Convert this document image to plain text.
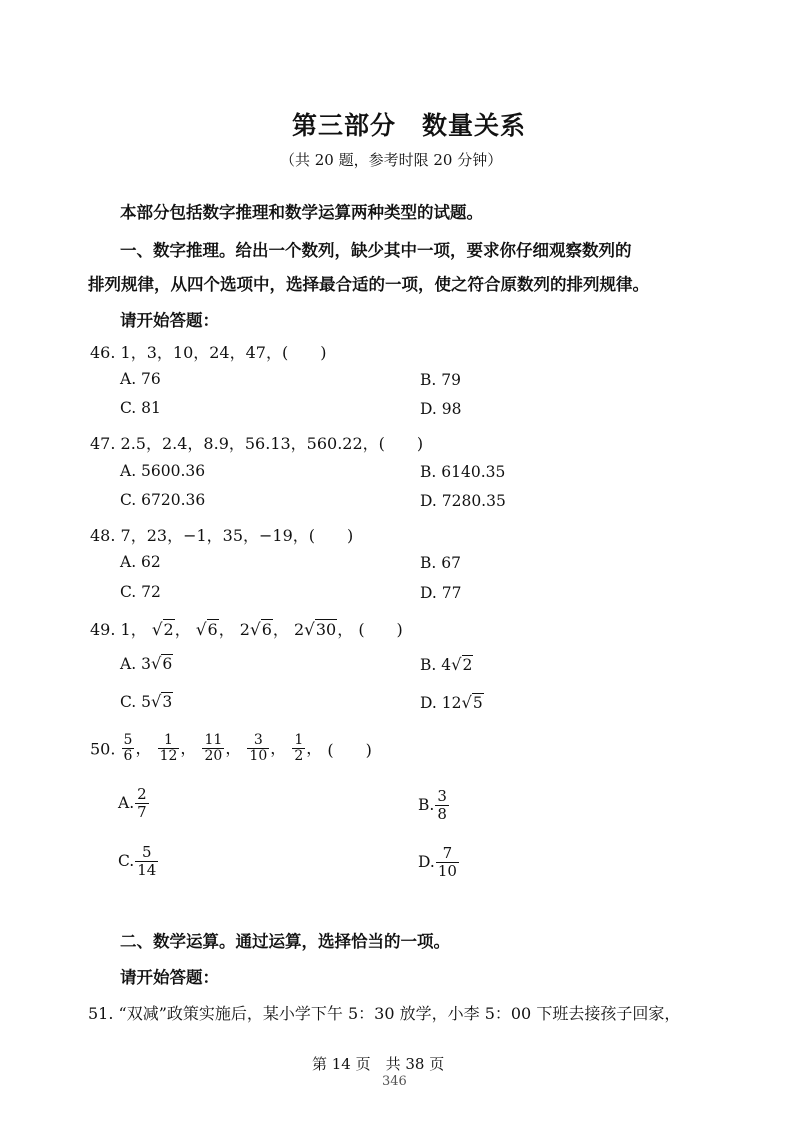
第三部分　数量关系
（共 20 题，参考时限 20 分钟）
本部分包括数字推理和数学运算两种类型的试题。
一、数字推理。给出一个数列，缺少其中一项，要求你仔细观察数列的
排列规律，从四个选项中，选择最合适的一项，使之符合原数列的排列规律。
请开始答题：
46. 1，3，10，24，47，(　　)
A. 76	B. 79
C. 81	D. 98
47. 2.5，2.4，8.9，56.13，560.22，(　　)
A. 5600.36	B. 6140.35
C. 6720.36	D. 7280.35
48. 7，23，−1，35，−19，(　　)
A. 62	B. 67
C. 72	D. 77
49. 1， √2， √6， 2√6， 2√30， (　　)
A. 3√6	B. 4√2
C. 5√3	D. 12√5
50. $\frac{5}{6}$ ， $\frac{1}{12}$ ， $\frac{11}{20}$ ， $\frac{3}{10}$ ， $\frac{1}{2}$ ， (　　)
A. $\frac{2}{7}$	B. $\frac{3}{8}$
C. $\frac{5}{14}$	D. $\frac{7}{10}$
二、数学运算。通过运算，选择恰当的一项。
请开始答题：
51. “双减”政策实施后，某小学下午 5：30 放学，小李 5：00 下班去接孩子回家，
第 14 页　共 38 页
346
